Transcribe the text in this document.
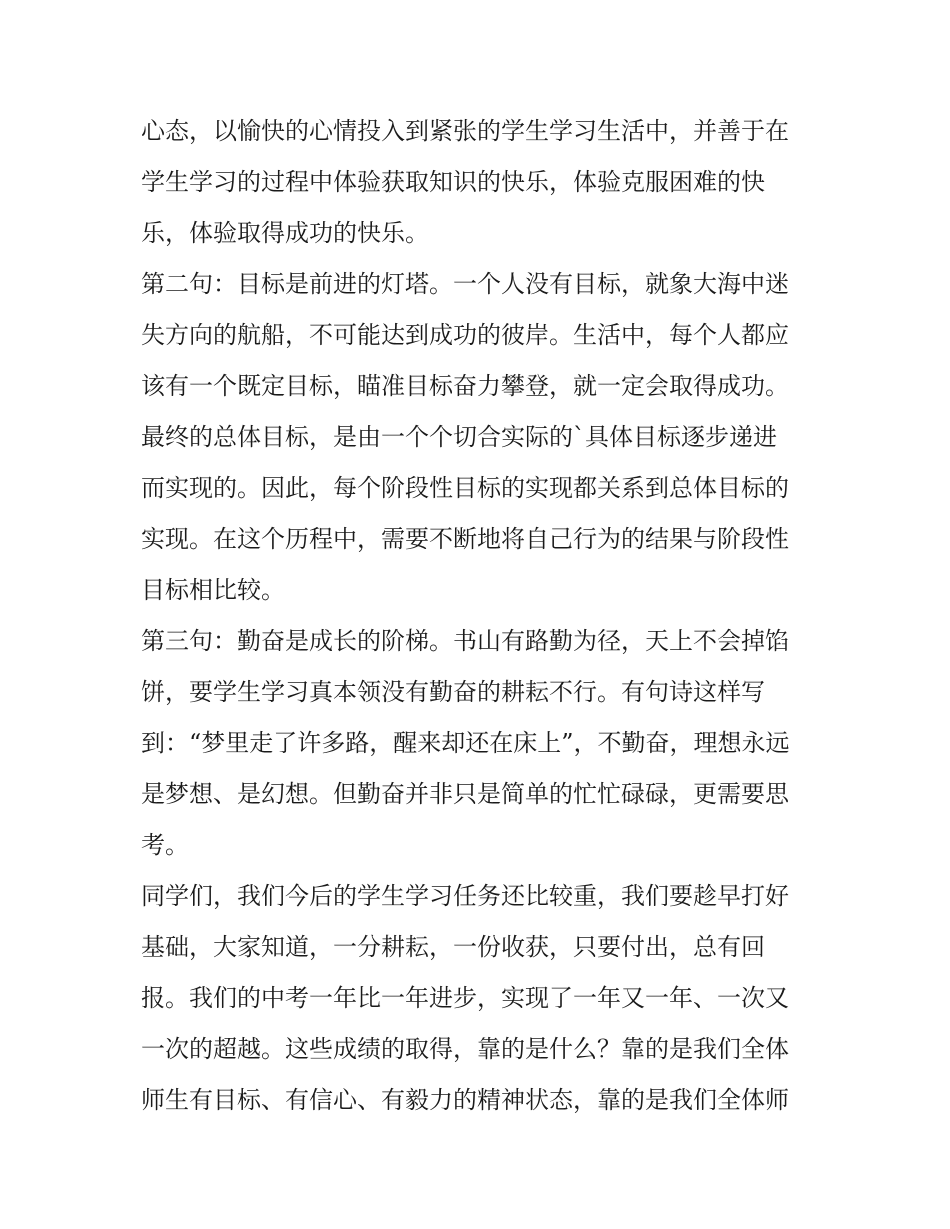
心态，以愉快的心情投入到紧张的学生学习生活中，并善于在
学生学习的过程中体验获取知识的快乐，体验克服困难的快
乐，体验取得成功的快乐。
第二句：目标是前进的灯塔。一个人没有目标，就象大海中迷
失方向的航船，不可能达到成功的彼岸。生活中，每个人都应
该有一个既定目标，瞄准目标奋力攀登，就一定会取得成功。
最终的总体目标，是由一个个切合实际的`具体目标逐步递进
而实现的。因此，每个阶段性目标的实现都关系到总体目标的
实现。在这个历程中，需要不断地将自己行为的结果与阶段性
目标相比较。
第三句：勤奋是成长的阶梯。书山有路勤为径，天上不会掉馅
饼，要学生学习真本领没有勤奋的耕耘不行。有句诗这样写
到：“梦里走了许多路，醒来却还在床上”，不勤奋，理想永远
是梦想、是幻想。但勤奋并非只是简单的忙忙碌碌，更需要思
考。
同学们，我们今后的学生学习任务还比较重，我们要趁早打好
基础，大家知道，一分耕耘，一份收获，只要付出，总有回
报。我们的中考一年比一年进步，实现了一年又一年、一次又
一次的超越。这些成绩的取得，靠的是什么？靠的是我们全体
师生有目标、有信心、有毅力的精神状态，靠的是我们全体师
